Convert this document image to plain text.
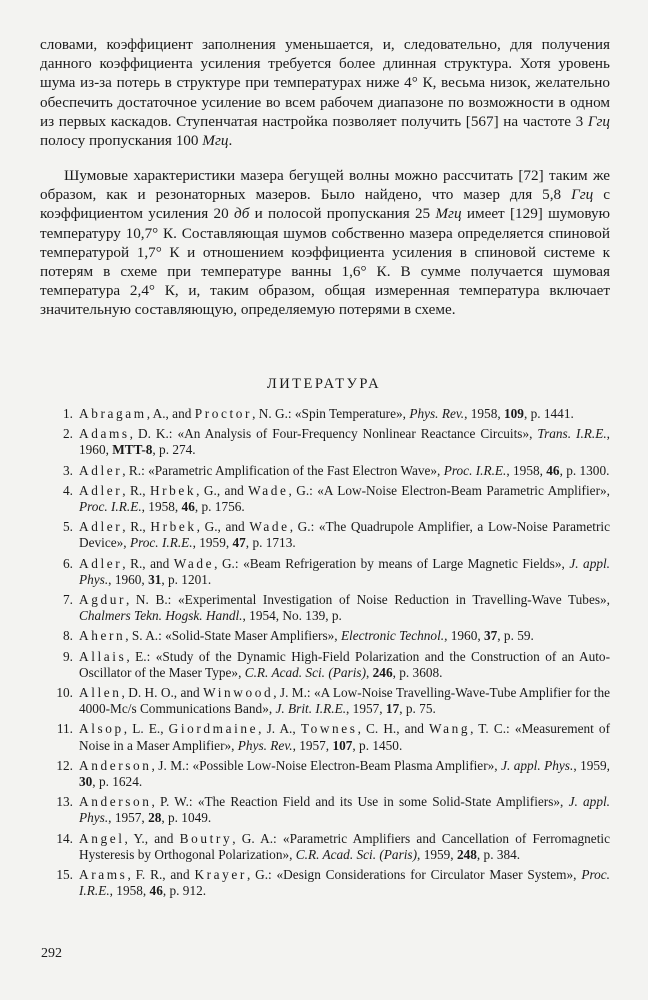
словами, коэффициент заполнения уменьшается, и, следовательно, для получения данного коэффициента усиления требуется более длинная структура. Хотя уровень шума из-за потерь в структуре при температурах ниже 4° К, весьма низок, желательно обеспечить достаточное усиление во всем рабочем диапазоне по возможности в одном из первых каскадов. Ступенчатая настройка позволяет получить [567] на частоте 3 Ггц полосу пропускания 100 Мгц.

Шумовые характеристики мазера бегущей волны можно рассчитать [72] таким же образом, как и резонаторных мазеров. Было найдено, что мазер для 5,8 Ггц с коэффициентом усиления 20 дб и полосой пропускания 25 Мгц имеет [129] шумовую температуру 10,7° К. Составляющая шумов собственно мазера определяется спиновой температурой 1,7° К и отношением коэффициента усиления в спиновой системе к потерям в схеме при температуре ванны 1,6° К. В сумме получается шумовая температура 2,4° К, и, таким образом, общая измеренная температура включает значительную составляющую, определяемую потерями в схеме.

ЛИТЕРАТУРА
1. Abragam, A., and Proctor, N. G.: «Spin Temperature», Phys. Rev., 1958, 109, p. 1441.
2. Adams, D. K.: «An Analysis of Four-Frequency Nonlinear Reactance Circuits», Trans. I.R.E., 1960, MTT-8, p. 274.
3. Adler, R.: «Parametric Amplification of the Fast Electron Wave», Proc. I.R.E., 1958, 46, p. 1300.
4. Adler, R., Hrbek, G., and Wade, G.: «A Low-Noise Electron-Beam Parametric Amplifier», Proc. I.R.E., 1958, 46, p. 1756.
5. Adler, R., Hrbek, G., and Wade, G.: «The Quadrupole Amplifier, a Low-Noise Parametric Device», Proc. I.R.E., 1959, 47, p. 1713.
6. Adler, R., and Wade, G.: «Beam Refrigeration by means of Large Magnetic Fields», J. appl. Phys., 1960, 31, p. 1201.
7. Agdur, N. B.: «Experimental Investigation of Noise Reduction in Travelling-Wave Tubes», Chalmers Tekn. Hogsk. Handl., 1954, No. 139, p.
8. Ahern, S. A.: «Solid-State Maser Amplifiers», Electronic Technol., 1960, 37, p. 59.
9. Allais, E.: «Study of the Dynamic High-Field Polarization and the Construction of an Auto-Oscillator of the Maser Type», C.R. Acad. Sci. (Paris), 246, p. 3608.
10. Allen, D. H. O., and Winwood, J. M.: «A Low-Noise Travelling-Wave-Tube Amplifier for the 4000-Mc/s Communications Band», J. Brit. I.R.E., 1957, 17, p. 75.
11. Alsop, L. E., Giordmaine, J. A., Townes, C. H., and Wang, T. C.: «Measurement of Noise in a Maser Amplifier», Phys. Rev., 1957, 107, p. 1450.
12. Anderson, J. M.: «Possible Low-Noise Electron-Beam Plasma Amplifier», J. appl. Phys., 1959, 30, p. 1624.
13. Anderson, P. W.: «The Reaction Field and its Use in some Solid-State Amplifiers», J. appl. Phys., 1957, 28, p. 1049.
14. Angel, Y., and Boutry, G. A.: «Parametric Amplifiers and Cancellation of Ferromagnetic Hysteresis by Orthogonal Polarization», C.R. Acad. Sci. (Paris), 1959, 248, p. 384.
15. Arams, F. R., and Krayer, G.: «Design Considerations for Circulator Maser System», Proc. I.R.E., 1958, 46, p. 912.
292
